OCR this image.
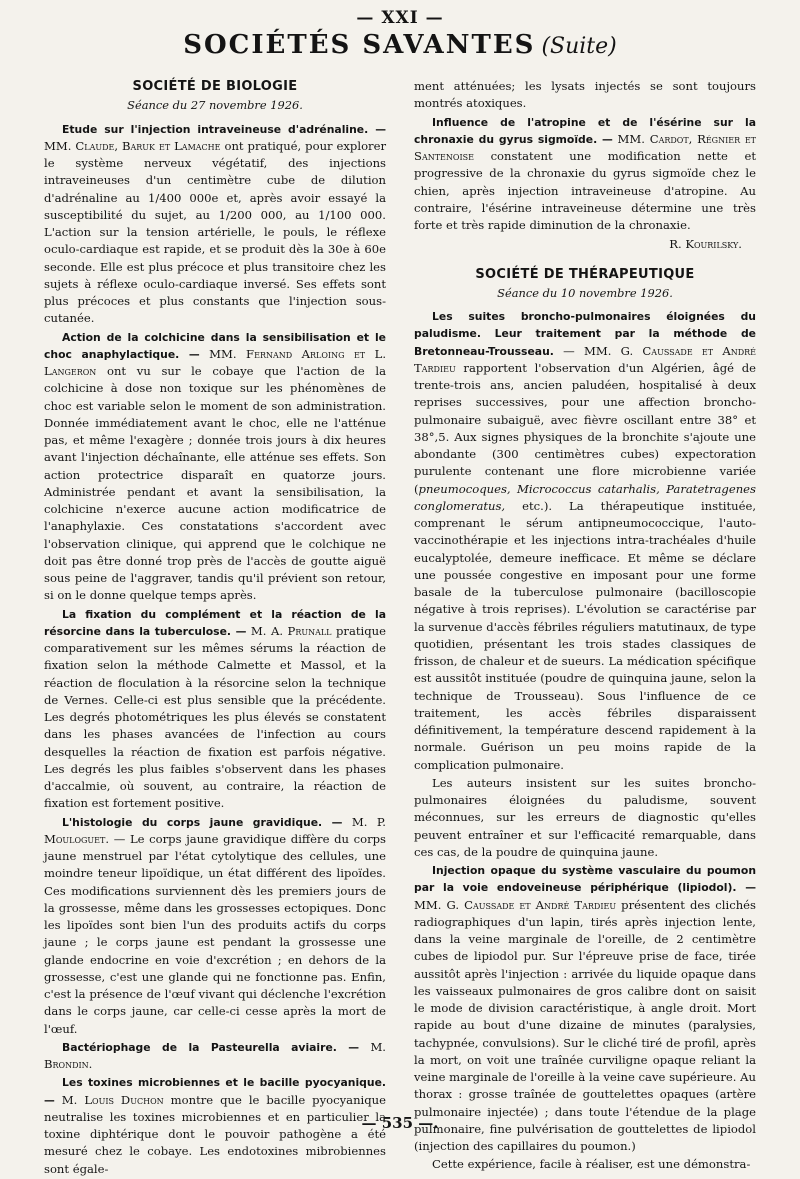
— XXI —
SOCIÉTÉS SAVANTES (Suite)
SOCIÉTÉ DE BIOLOGIE
Séance du 27 novembre 1926.

Etude sur l'injection intraveineuse d'adrénaline. — MM. Claude, Baruk et Lamache ont pratiqué, pour explorer le système nerveux végétatif, des injections intraveineuses d'un centimètre cube de dilution d'adrénaline au 1/400 000e et, après avoir essayé la susceptibilité du sujet, au 1/200 000, au 1/100 000. L'action sur la tension artérielle, le pouls, le réflexe oculo-cardiaque est rapide, et se produit dès la 30e à 60e seconde. Elle est plus précoce et plus transitoire chez les sujets à réflexe oculo-cardiaque inversé. Ses effets sont plus précoces et plus constants que l'injection sous-cutanée.

Action de la colchicine dans la sensibilisation et le choc anaphylactique. — MM. Fernand Arloing et L. Langeron ont vu sur le cobaye que l'action de la colchicine à dose non toxique sur les phénomènes de choc est variable selon le moment de son administration. Donnée immédiatement avant le choc, elle ne l'atténue pas, et même l'exagère ; donnée trois jours à dix heures avant l'injection déchaînante, elle atténue ses effets. Son action protectrice disparaît en quatorze jours. Administrée pendant et avant la sensibilisation, la colchicine n'exerce aucune action modificatrice de l'anaphylaxie. Ces constatations s'accordent avec l'observation clinique, qui apprend que le colchique ne doit pas être donné trop près de l'accès de goutte aiguë sous peine de l'aggraver, tandis qu'il prévient son retour, si on le donne quelque temps après.

La fixation du complément et la réaction de la résorcine dans la tuberculose. — M. A. Prunall pratique comparativement sur les mêmes sérums la réaction de fixation selon la méthode Calmette et Massol, et la réaction de floculation à la résorcine selon la technique de Vernes. Celle-ci est plus sensible que la précédente. Les degrés photométriques les plus élevés se constatent dans les phases avancées de l'infection au cours desquelles la réaction de fixation est parfois négative. Les degrés les plus faibles s'observent dans les phases d'accalmie, où souvent, au contraire, la réaction de fixation est fortement positive.

L'histologie du corps jaune gravidique. — M. P. Mouloguet. — Le corps jaune gravidique diffère du corps jaune menstruel par l'état cytolytique des cellules, une moindre teneur lipoïdique, un état différent des lipoïdes. Ces modifications surviennent dès les premiers jours de la grossesse, même dans les grossesses ectopiques. Donc les lipoïdes sont bien l'un des produits actifs du corps jaune ; le corps jaune est pendant la grossesse une glande endocrine en voie d'excrétion ; en dehors de la grossesse, c'est une glande qui ne fonctionne pas. Enfin, c'est la présence de l'œuf vivant qui déclenche l'excrétion dans le corps jaune, car celle-ci cesse après la mort de l'œuf.

Bactériophage de la Pasteurella aviaire. — M. Brondin.

Les toxines microbiennes et le bacille pyocyanique. — M. Louis Duchon montre que le bacille pyocyanique neutralise les toxines microbiennes et en particulier la toxine diphtérique dont le pouvoir pathogène a été mesuré chez le cobaye. Les endotoxines mibrobiennes sont égale-

ment atténuées; les lysats injectés se sont toujours montrés atoxiques.

Influence de l'atropine et de l'ésérine sur la chronaxie du gyrus sigmoïde. — MM. Cardot, Régnier et Santenoise constatent une modification nette et progressive de la chronaxie du gyrus sigmoïde chez le chien, après injection intraveineuse d'atropine. Au contraire, l'ésérine intraveineuse détermine une très forte et très rapide diminution de la chronaxie.

R. Kourilsky.
SOCIÉTÉ DE THÉRAPEUTIQUE
Séance du 10 novembre 1926.

Les suites broncho-pulmonaires éloignées du paludisme. Leur traitement par la méthode de Bretonneau-Trousseau. — MM. G. Caussade et André Tardieu rapportent l'observation d'un Algérien, âgé de trente-trois ans, ancien paludéen, hospitalisé à deux reprises successives, pour une affection broncho-pulmonaire subaiguë, avec fièvre oscillant entre 38° et 38°,5. Aux signes physiques de la bronchite s'ajoute une abondante (300 centimètres cubes) expectoration purulente contenant une flore microbienne variée (pneumocoques, Micrococcus catarhalis, Paratetragenes conglomeratus, etc.). La thérapeutique instituée, comprenant le sérum antipneumococcique, l'auto-vaccinothérapie et les injections intra-trachéales d'huile eucalyptolée, demeure inefficace. Et même se déclare une poussée congestive en imposant pour une forme basale de la tuberculose pulmonaire (bacilloscopie négative à trois reprises). L'évolution se caractérise par la survenue d'accès fébriles réguliers matutinaux, de type quotidien, présentant les trois stades classiques de frisson, de chaleur et de sueurs. La médication spécifique est aussitôt instituée (poudre de quinquina jaune, selon la technique de Trousseau). Sous l'influence de ce traitement, les accès fébriles disparaissent définitivement, la température descend rapidement à la normale. Guérison un peu moins rapide de la complication pulmonaire.

Les auteurs insistent sur les suites broncho-pulmonaires éloignées du paludisme, souvent méconnues, sur les erreurs de diagnostic qu'elles peuvent entraîner et sur l'efficacité remarquable, dans ces cas, de la poudre de quinquina jaune.

Injection opaque du système vasculaire du poumon par la voie endoveineuse périphérique (lipiodol). — MM. G. Caussade et André Tardieu présentent des clichés radiographiques d'un lapin, tirés après injection lente, dans la veine marginale de l'oreille, de 2 centimètre cubes de lipiodol pur. Sur l'épreuve prise de face, tirée aussitôt après l'injection : arrivée du liquide opaque dans les vaisseaux pulmonaires de gros calibre dont on saisit le mode de division caractéristique, à angle droit. Mort rapide au bout d'une dizaine de minutes (paralysies, tachypnée, convulsions). Sur le cliché tiré de profil, après la mort, on voit une traînée curviligne opaque reliant la veine marginale de l'oreille à la veine cave supérieure. Au thorax : grosse traînée de gouttelettes opaques (artère pulmonaire injectée) ; dans toute l'étendue de la plage pulmonaire, fine pulvérisation de gouttelettes de lipiodol (injection des capillaires du poumon.)

Cette expérience, facile à réaliser, est une démonstra-

— 535 —.
